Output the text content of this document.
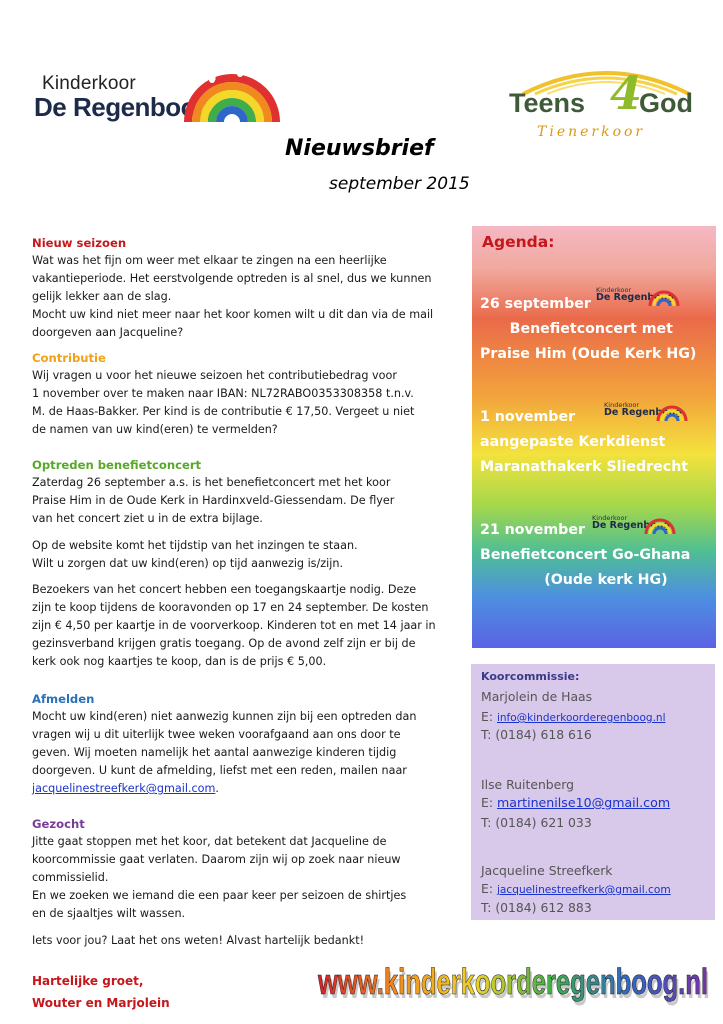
Kinderkoor
De Regenboog	Teens 4
God
Tienerkoor
Nieuwsbrief
september 2015
Nieuw seizoen

Wat was het fijn om weer met elkaar te zingen na een heerlijke
vakantieperiode. Het eerstvolgende optreden is al snel, dus we kunnen
gelijk lekker aan de slag.
Mocht uw kind niet meer naar het koor komen wilt u dit dan via de mail
doorgeven aan Jacqueline?

Contributie

Wij vragen u voor het nieuwe seizoen het contributiebedrag voor
1 november over te maken naar IBAN: NL72RABO0353308358 t.n.v.
M. de Haas-Bakker. Per kind is de contributie € 17,50. Vergeet u niet
de namen van uw kind(eren) te vermelden?

Optreden benefietconcert

Zaterdag 26 september a.s. is het benefietconcert met het koor
Praise Him in de Oude Kerk in Hardinxveld-Giessendam. De flyer
van het concert ziet u in de extra bijlage.

Op de website komt het tijdstip van het inzingen te staan.
Wilt u zorgen dat uw kind(eren) op tijd aanwezig is/zijn.

Bezoekers van het concert hebben een toegangskaartje nodig. Deze
zijn te koop tijdens de kooravonden op 17 en 24 september. De kosten
zijn € 4,50 per kaartje in de voorverkoop. Kinderen tot en met 14 jaar in
gezinsverband krijgen gratis toegang. Op de avond zelf zijn er bij de
kerk ook nog kaartjes te koop, dan is de prijs € 5,00.

Afmelden

Mocht uw kind(eren) niet aanwezig kunnen zijn bij een optreden dan
vragen wij u dit uiterlijk twee weken voorafgaand aan ons door te
geven. Wij moeten namelijk het aantal aanwezige kinderen tijdig
doorgeven. U kunt de afmelding, liefst met een reden, mailen naar

jacquelinestreefkerk@gmail.com.
Gezocht

Jitte gaat stoppen met het koor, dat betekent dat Jacqueline de
koorcommissie gaat verlaten. Daarom zijn wij op zoek naar nieuw
commissielid.
En we zoeken we iemand die een paar keer per seizoen de shirtjes
en de sjaaltjes wilt wassen.

Iets voor jou? Laat het ons weten! Alvast hartelijk bedankt!
Hartelijke groet,
Wouter en Marjolein
Agenda:
26 september
Kinderkoor
De Regenboog
Benefietconcert met
Praise Him (Oude Kerk HG)
1 november
Kinderkoor
De Regenboog
aangepaste Kerkdienst
Maranathakerk Sliedrecht
21 november
Kinderkoor
De Regenboog
Benefietconcert Go-Ghana
(Oude kerk HG)
Koorcommissie:
Marjolein de Haas
E: info@kinderkoorderegenboog.nl
T: (0184) 618 616
Ilse Ruitenberg
E: martinenilse10@gmail.com
T: (0184) 621 033
Jacqueline Streefkerk
E: jacquelinestreefkerk@gmail.com
T: (0184) 612 883
www.kinderkoorderegenboog.nl
www.kinderkoorderegenboog.nl
